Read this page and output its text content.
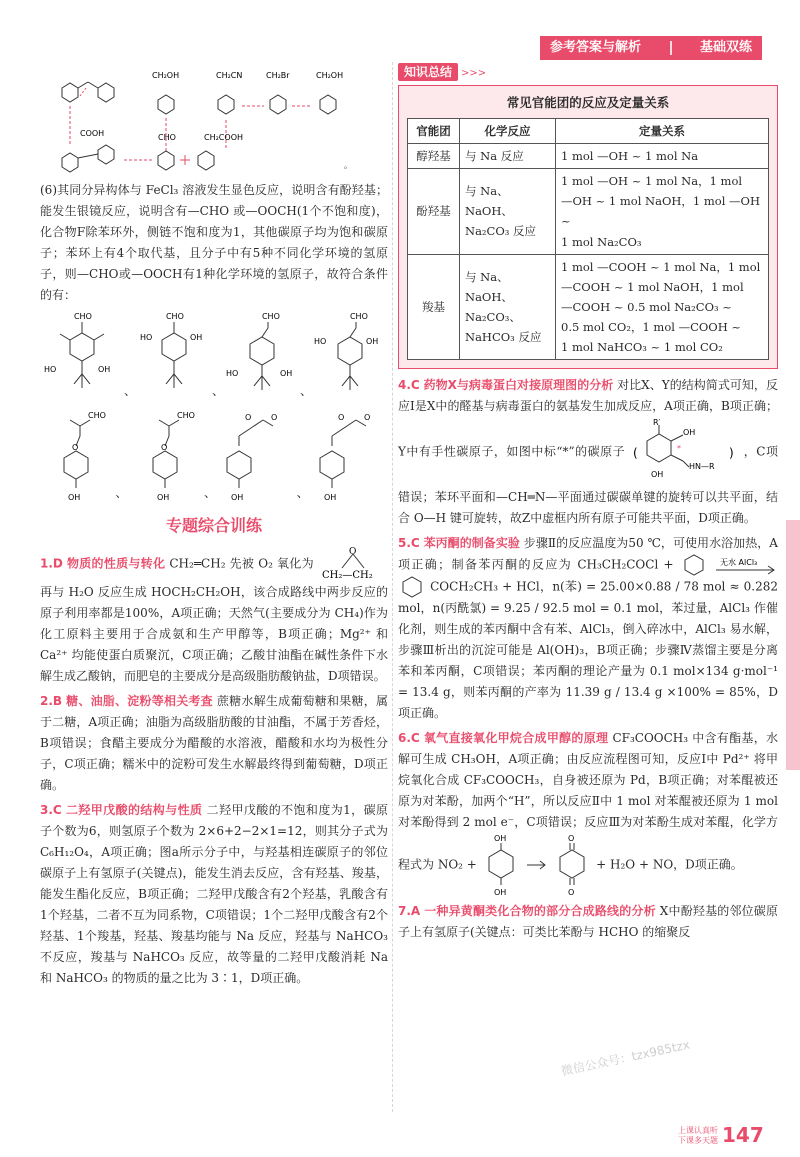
参考答案与解析	基础双练
COOH
CH₂OH
CHO	CH₂COOH
CH₂CN	CH₂Br	CH₂OH
。

(6)其同分异构体与 FeCl₃ 溶液发生显色反应，说明含有酚羟基；能发生银镜反应，说明含有—CHO 或—OOCH(1个不饱和度)，化合物F除苯环外，侧链不饱和度为1，其他碳原子均为饱和碳原子；苯环上有4个取代基，且分子中有5种不同化学环境的氢原子，则—CHO或—OOCH有1种化学环境的氢原子，故符合条件的有：

CHO
HO	OH
、
CHO
HO	OH
、
CHO
HO	OH
、
CHO
HO	OH
CHO
O
OH	、
CHO
O
OH	、
O O
OH	、
O O
OH
专题综合训练

1.D 物质的性质与转化 CH₂═CH₂ 先被 O₂ 氧化为
O
CH₂—CH₂
再与 H₂O 反应生成 HOCH₂CH₂OH，该合成路线中两步反应的原子利用率都是100%，A项正确；天然气(主要成分为 CH₄)作为化工原料主要用于合成氨和生产甲醇等，B项正确；Mg²⁺ 和 Ca²⁺ 均能使蛋白质聚沉，C项正确；乙酸甘油酯在碱性条件下水解生成乙酸钠，而肥皂的主要成分是高级脂肪酸钠盐，D项错误。

2.B 糖、油脂、淀粉等相关考查 蔗糖水解生成葡萄糖和果糖，属于二糖，A项正确；油脂为高级脂肪酸的甘油酯，不属于芳香烃，B项错误；食醋主要成分为醋酸的水溶液，醋酸和水均为极性分子，C项正确；糯米中的淀粉可发生水解最终得到葡萄糖，D项正确。

3.C 二羟甲戊酸的结构与性质 二羟甲戊酸的不饱和度为1，碳原子个数为6，则氢原子个数为 2×6+2−2×1=12，则其分子式为 C₆H₁₂O₄，A项正确；图a所示分子中，与羟基相连碳原子的邻位碳原子上有氢原子(关键点)，能发生消去反应，含有羟基、羧基，能发生酯化反应，B项正确；二羟甲戊酸含有2个羟基，乳酸含有1个羟基，二者不互为同系物，C项错误；1个二羟甲戊酸含有2个羟基、1个羧基，羟基、羧基均能与 Na 反应，羟基与 NaHCO₃ 不反应，羧基与 NaHCO₃ 反应，故等量的二羟甲戊酸消耗 Na 和 NaHCO₃ 的物质的量之比为 3∶1，D项正确。

知识总结 >>>
常见官能团的反应及定量关系
官能团	化学反应	定量关系
醇羟基	与 Na 反应	1 mol —OH ~ 1 mol Na

酚羟基	与 Na、NaOH、Na₂CO₃ 反应	1 mol —OH ~ 1 mol Na，1 mol
—OH ~ 1 mol NaOH，1 mol —OH ~
1 mol Na₂CO₃

羧基	与 Na、NaOH、Na₂CO₃、NaHCO₃ 反应	1 mol —COOH ~ 1 mol Na，1 mol
—COOH ~ 1 mol NaOH，1 mol
—COOH ~ 0.5 mol Na₂CO₃ ~
0.5 mol CO₂，1 mol —COOH ~
1 mol NaHCO₃ ~ 1 mol CO₂

4.C 药物X与病毒蛋白对接原理图的分析 对比X、Y的结构简式可知，反应Ⅰ是X中的醛基与病毒蛋白的氨基发生加成反应，A项正确，B项正确；Y中有手性碳原子，如图中标“*”的碳原子 (
R′
OH
*
HN—R
OH
) ，C项错误；苯环平面和—CH═N—平面通过碳碳单键的旋转可以共平面，结合 O—H 键可旋转，故Z中虚框内所有原子可能共平面，D项正确。

5.C 苯丙酮的制备实验 步骤Ⅱ的反应温度为50 ℃，可使用水浴加热，A项正确；制备苯丙酮的反应为 CH₃CH₂COCl +	无水 AlCl₃
COCH₂CH₃ + HCl，n(苯) = 25.00×0.88 / 78 mol ≈ 0.282 mol，n(丙酰氯) = 9.25 / 92.5 mol = 0.1 mol，苯过量，AlCl₃ 作催化剂，则生成的苯丙酮中含有苯、AlCl₃，倒入碎冰中，AlCl₃ 易水解，步骤Ⅲ析出的沉淀可能是 Al(OH)₃，B项正确；步骤Ⅳ蒸馏主要是分离苯和苯丙酮，C项错误；苯丙酮的理论产量为 0.1 mol×134 g·mol⁻¹ = 13.4 g，则苯丙酮的产率为 11.39 g / 13.4 g ×100% = 85%，D项正确。

6.C 氧气直接氧化甲烷合成甲醇的原理 CF₃COOCH₃ 中含有酯基，水解可生成 CH₃OH，A项正确；由反应流程图可知，反应Ⅰ中 Pd²⁺ 将甲烷氧化合成 CF₃COOCH₃，自身被还原为 Pd，B项正确；对苯醌被还原为对苯酚，加两个“H”，所以反应Ⅱ中 1 mol 对苯醌被还原为 1 mol 对苯酚得到 2 mol e⁻，C项错误；反应Ⅲ为对苯酚生成对苯醌，化学方程式为 NO₂ +
OH
OH

O
O
+ H₂O + NO，D项正确。

7.A 一种异黄酮类化合物的部分合成路线的分析 X中酚羟基的邻位碳原子上有氢原子(关键点：可类比苯酚与 HCHO 的缩聚反

微信公众号：tzx985tzx
上课认真听
下课多天题 147
